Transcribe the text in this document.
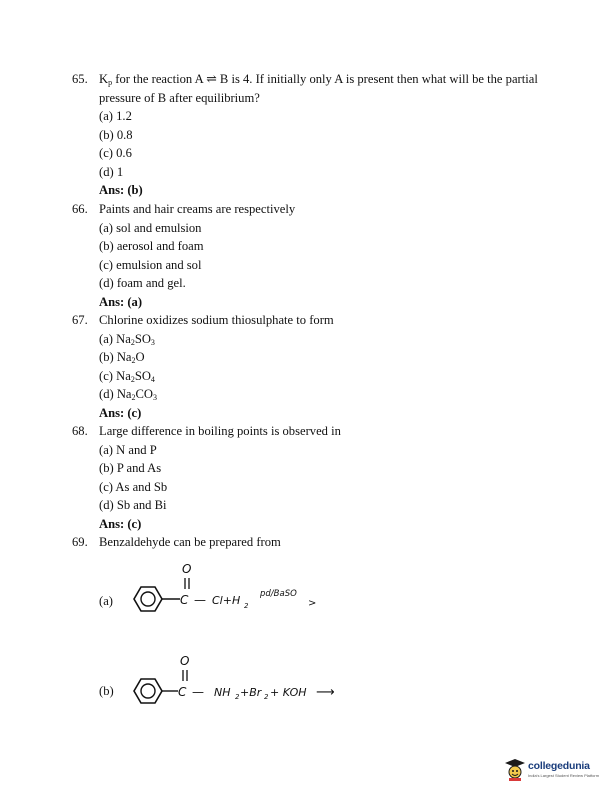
65. $K_p$ for the reaction A ⇌ B is 4. If initially only A is present then what will be the partial pressure of B after equilibrium?
(a) 1.2
(b) 0.8
(c) 0.6
(d) 1
Ans: (b)
66. Paints and hair creams are respectively
(a) sol and emulsion
(b) aerosol and foam
(c) emulsion and sol
(d) foam and gel.
Ans: (a)
67. Chlorine oxidizes sodium thiosulphate to form
(a) $Na_2SO_3$
(b) $Na_2O$
(c) $Na_2SO_4$
(d) $Na_2CO_3$
Ans: (c)
68. Large difference in boiling points is observed in
(a) N and P
(b) P and As
(c) As and Sb
(d) Sb and Bi
Ans: (c)
69. Benzaldehyde can be prepared from
(a)
O
C — Cl+H 2
pd/BaSO
>
(b)
O
C — NH 2 +Br 2 + KOH ⟶
collegedunia
India's Largest Student Review Platform
